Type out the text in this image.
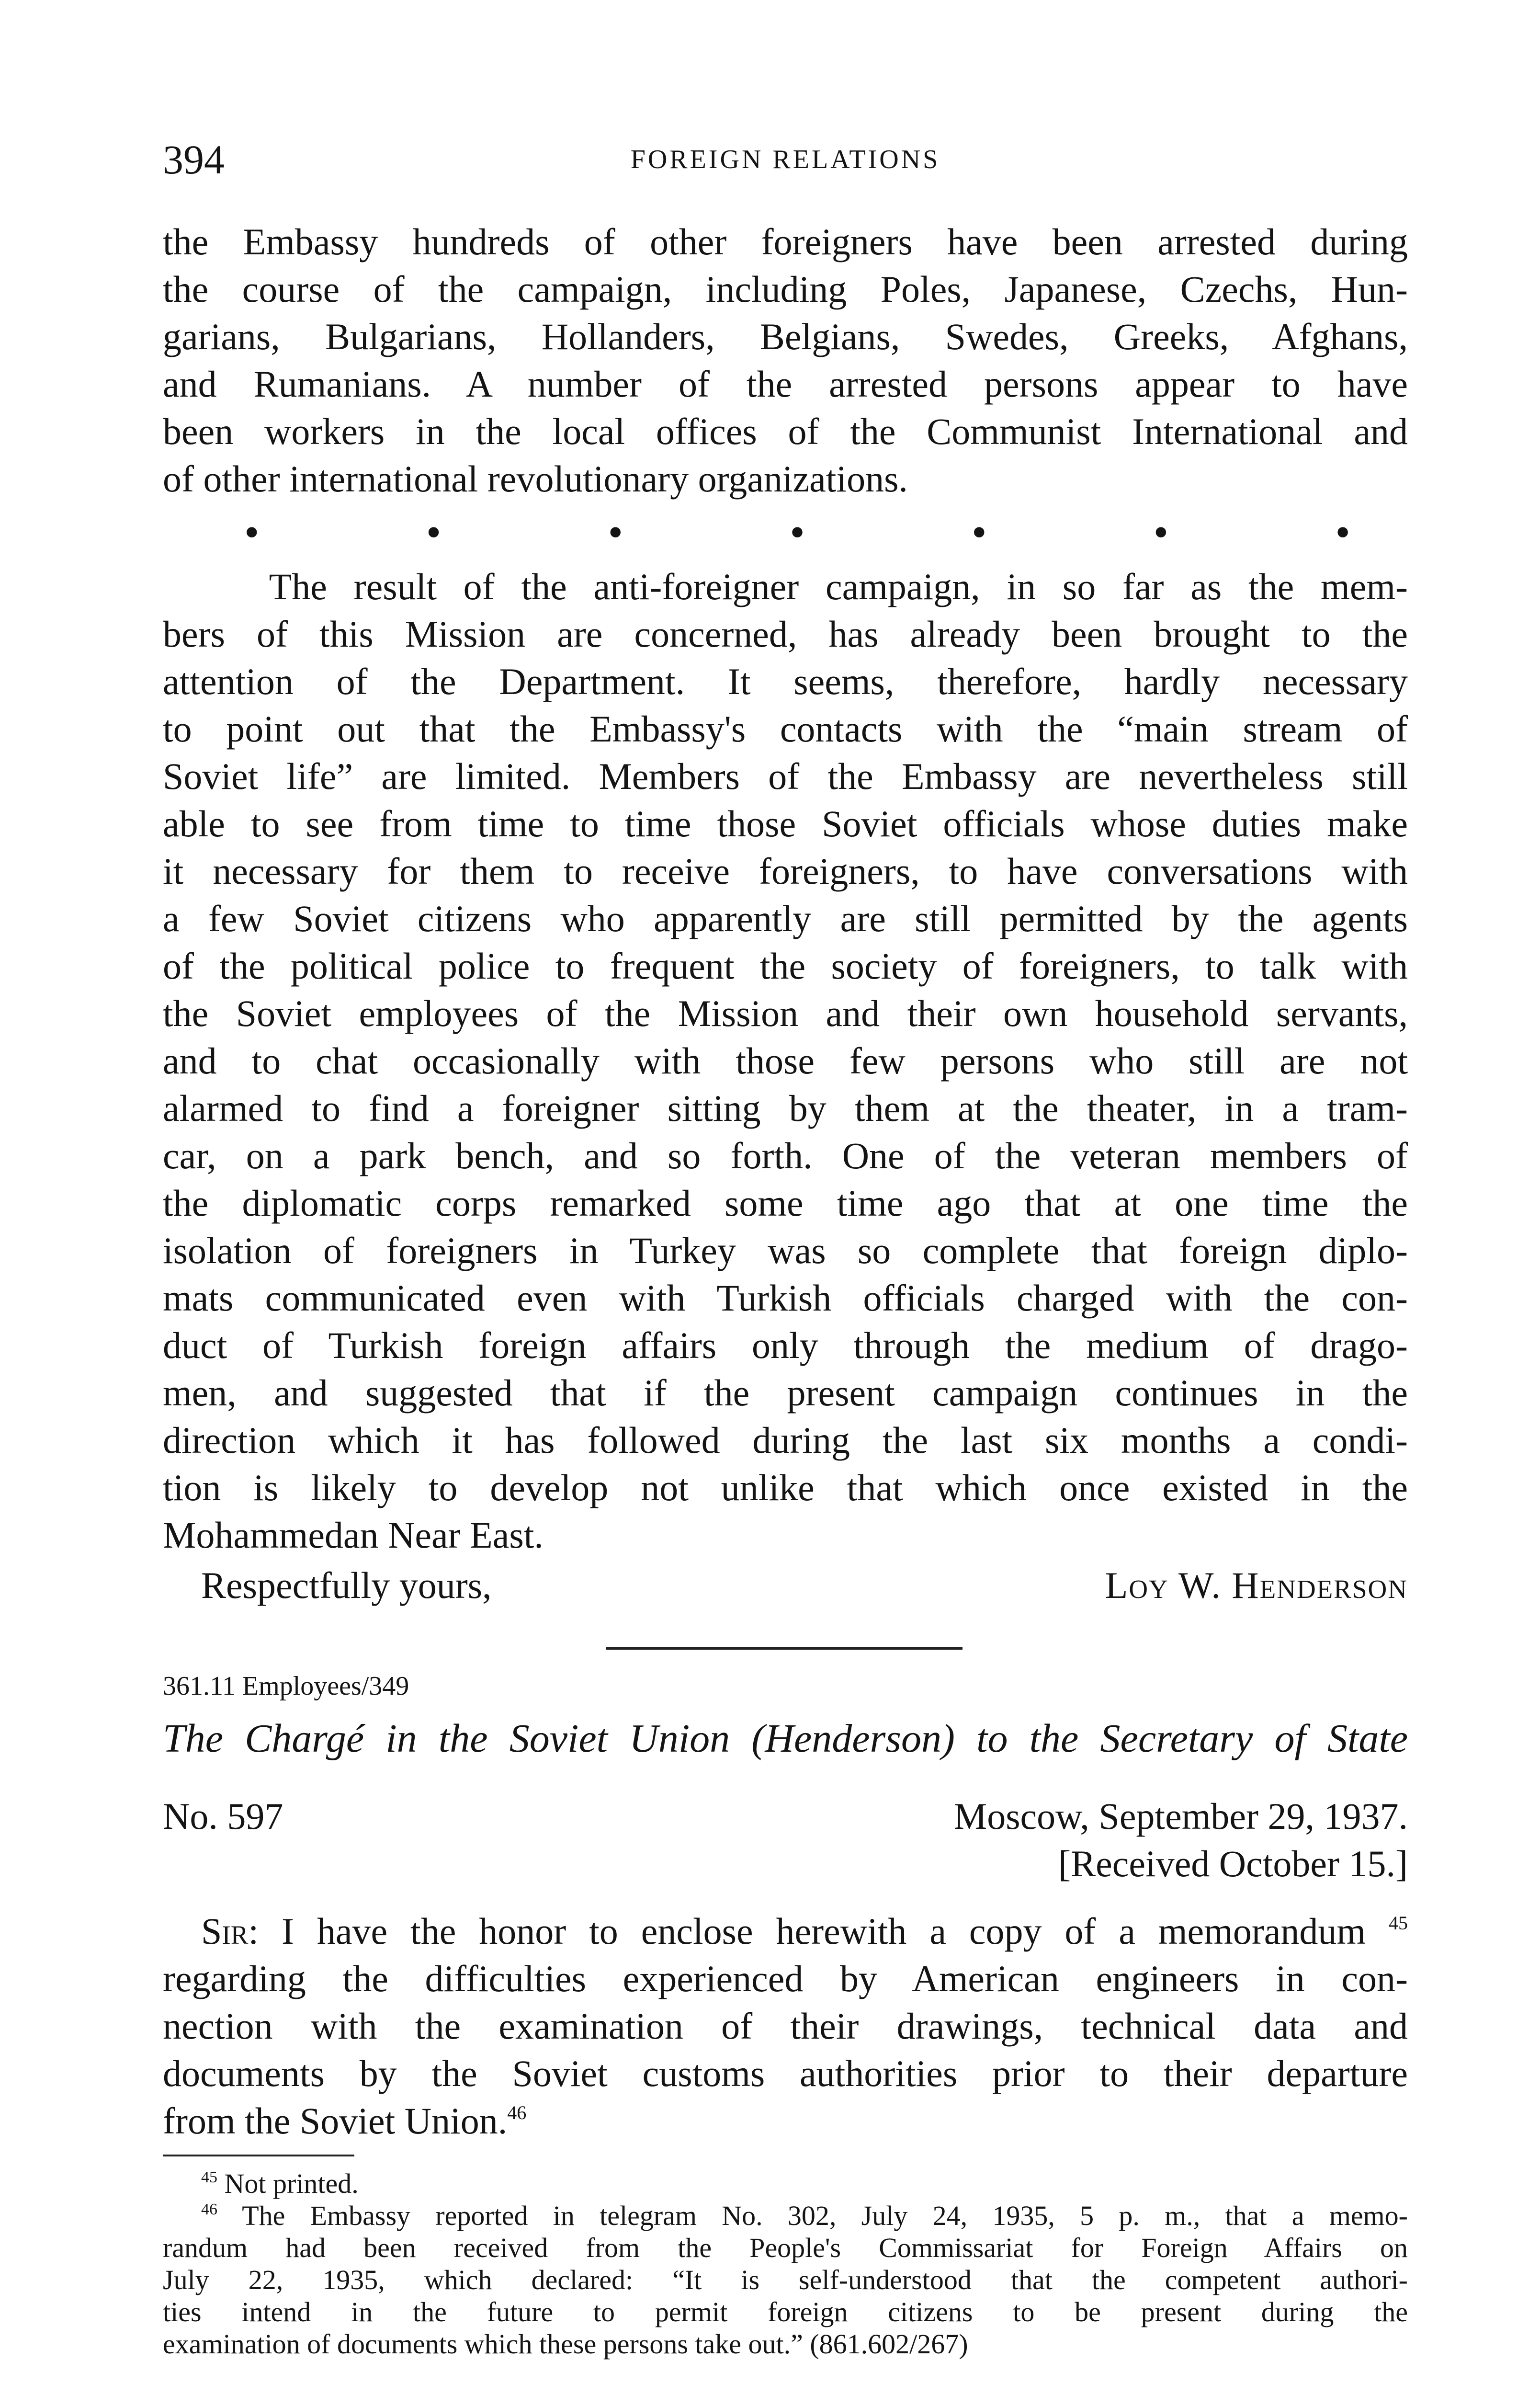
394	FOREIGN RELATIONS
the Embassy hundreds of other foreigners have been arrested during
the course of the campaign, including Poles, Japanese, Czechs, Hun-
garians, Bulgarians, Hollanders, Belgians, Swedes, Greeks, Afghans,
and Rumanians. A number of the arrested persons appear to have
been workers in the local offices of the Communist International and
of other international revolutionary organizations.
•	•	•	•	•	•	•
The result of the anti-foreigner campaign, in so far as the mem-
bers of this Mission are concerned, has already been brought to the
attention of the Department. It seems, therefore, hardly necessary
to point out that the Embassy's contacts with the “main stream of
Soviet life” are limited. Members of the Embassy are nevertheless still
able to see from time to time those Soviet officials whose duties make
it necessary for them to receive foreigners, to have conversations with
a few Soviet citizens who apparently are still permitted by the agents
of the political police to frequent the society of foreigners, to talk with
the Soviet employees of the Mission and their own household servants,
and to chat occasionally with those few persons who still are not
alarmed to find a foreigner sitting by them at the theater, in a tram-
car, on a park bench, and so forth. One of the veteran members of
the diplomatic corps remarked some time ago that at one time the
isolation of foreigners in Turkey was so complete that foreign diplo-
mats communicated even with Turkish officials charged with the con-
duct of Turkish foreign affairs only through the medium of drago-
men, and suggested that if the present campaign continues in the
direction which it has followed during the last six months a condi-
tion is likely to develop not unlike that which once existed in the
Mohammedan Near East.
Respectfully yours,	Loy W. Henderson
361.11 Employees/349
The Chargé in the Soviet Union (Henderson) to the Secretary of State
No. 597	Moscow, September 29, 1937.
[Received October 15.]
Sir: I have the honor to enclose herewith a copy of a memorandum $^{45}$
regarding the difficulties experienced by American engineers in con-
nection with the examination of their drawings, technical data and
documents by the Soviet customs authorities prior to their departure
from the Soviet Union.$^{46}$
$^{45}$ Not printed.
$^{46}$ The Embassy reported in telegram No. 302, July 24, 1935, 5 p. m., that a memo-
randum had been received from the People's Commissariat for Foreign Affairs on
July 22, 1935, which declared: “It is self-understood that the competent authori-
ties intend in the future to permit foreign citizens to be present during the
examination of documents which these persons take out.” (861.602/267)
